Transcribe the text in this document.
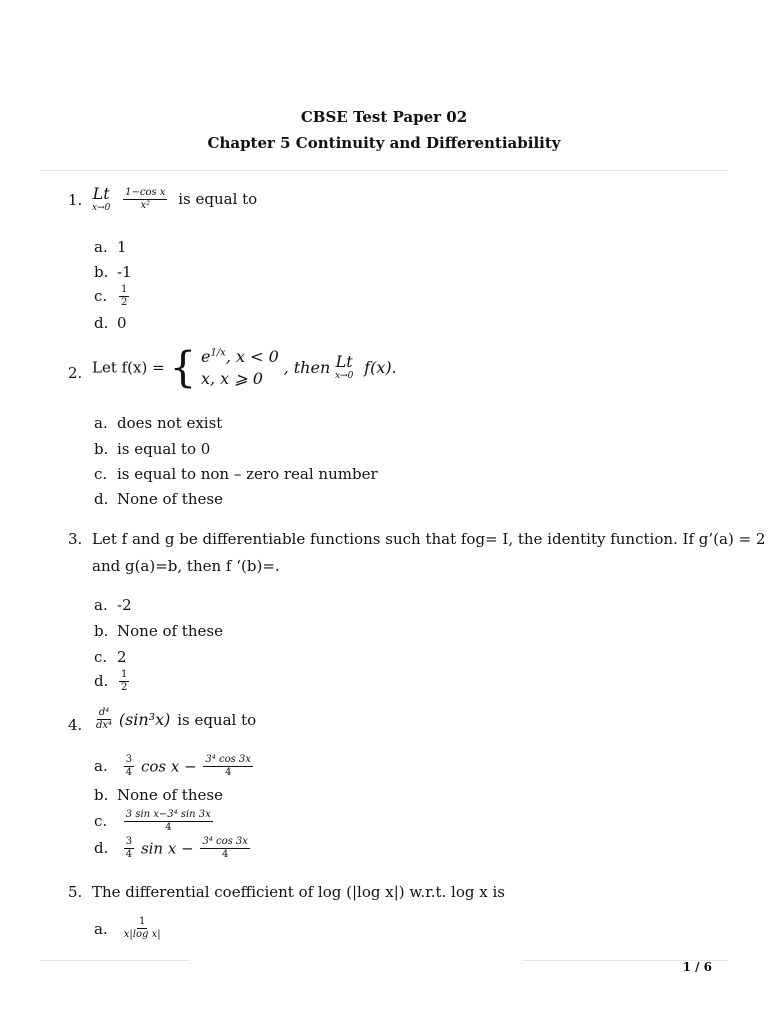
CBSE Test Paper 02
Chapter 5 Continuity and Differentiability
1. Lt
x→0
$\frac{\text{1−cos x}}{\text{x²}}$ is equal to
a. 1
b. -1
c. $\frac{1}{2}$
d. 0
2. Let f(x) = { $e^{1/x}$, x < 0
x, x ⩾ 0
, then Lt
x→0 f(x).
a. does not exist
b. is equal to 0
c. is equal to non – zero real number
d. None of these
3. Let f and g be differentiable functions such that fog= I, the identity function. If g’(a) = 2
and g(a)=b, then f ‘(b)=.
a. -2
b. None of these
c. 2
d. $\frac{1}{2}$
4. $\frac{\text{d⁴}}{\text{dx⁴}} (\sin^3x)$ is equal to
a. $\frac{3}{4}$ $\cos x - \frac{\text{3⁴ cos 3x}}{4}$
b. None of these
c. $\frac{\text{3 sin x−3⁴ sin 3x}}{4}$
d. $\frac{3}{4}$ $\sin x - \frac{\text{3⁴ cos 3x}}{4}$
5. The differential coefficient of log (|log x|) w.r.t. log x is
a. $\frac{1}{\text{x|log x|}}$
1 / 6
